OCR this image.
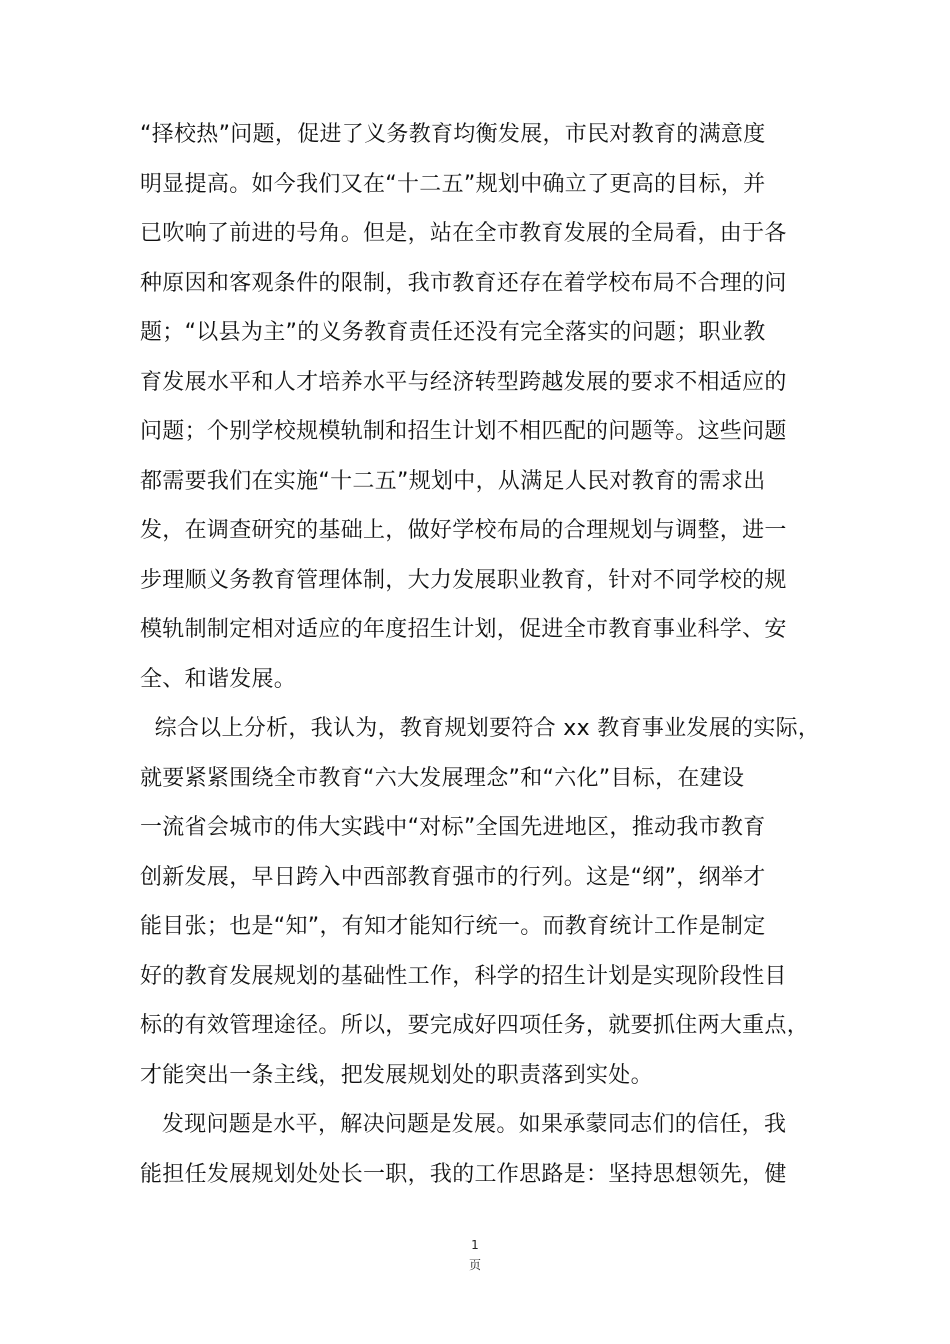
“择校热”问题，促进了义务教育均衡发展，市民对教育的满意度
明显提高。如今我们又在“十二五”规划中确立了更高的目标，并
已吹响了前进的号角。但是，站在全市教育发展的全局看，由于各
种原因和客观条件的限制，我市教育还存在着学校布局不合理的问
题；“以县为主”的义务教育责任还没有完全落实的问题；职业教
育发展水平和人才培养水平与经济转型跨越发展的要求不相适应的
问题；个别学校规模轨制和招生计划不相匹配的问题等。这些问题
都需要我们在实施“十二五”规划中，从满足人民对教育的需求出
发，在调查研究的基础上，做好学校布局的合理规划与调整，进一
步理顺义务教育管理体制，大力发展职业教育，针对不同学校的规
模轨制制定相对适应的年度招生计划，促进全市教育事业科学、安
全、和谐发展。
综合以上分析，我认为，教育规划要符合 xx 教育事业发展的实际，
就要紧紧围绕全市教育“六大发展理念”和“六化”目标，在建设
一流省会城市的伟大实践中“对标”全国先进地区，推动我市教育
创新发展，早日跨入中西部教育强市的行列。这是“纲”，纲举才
能目张；也是“知”，有知才能知行统一。而教育统计工作是制定
好的教育发展规划的基础性工作，科学的招生计划是实现阶段性目
标的有效管理途径。所以，要完成好四项任务，就要抓住两大重点，
才能突出一条主线，把发展规划处的职责落到实处。
发现问题是水平，解决问题是发展。如果承蒙同志们的信任，我
能担任发展规划处处长一职，我的工作思路是：坚持思想领先，健
1
页
